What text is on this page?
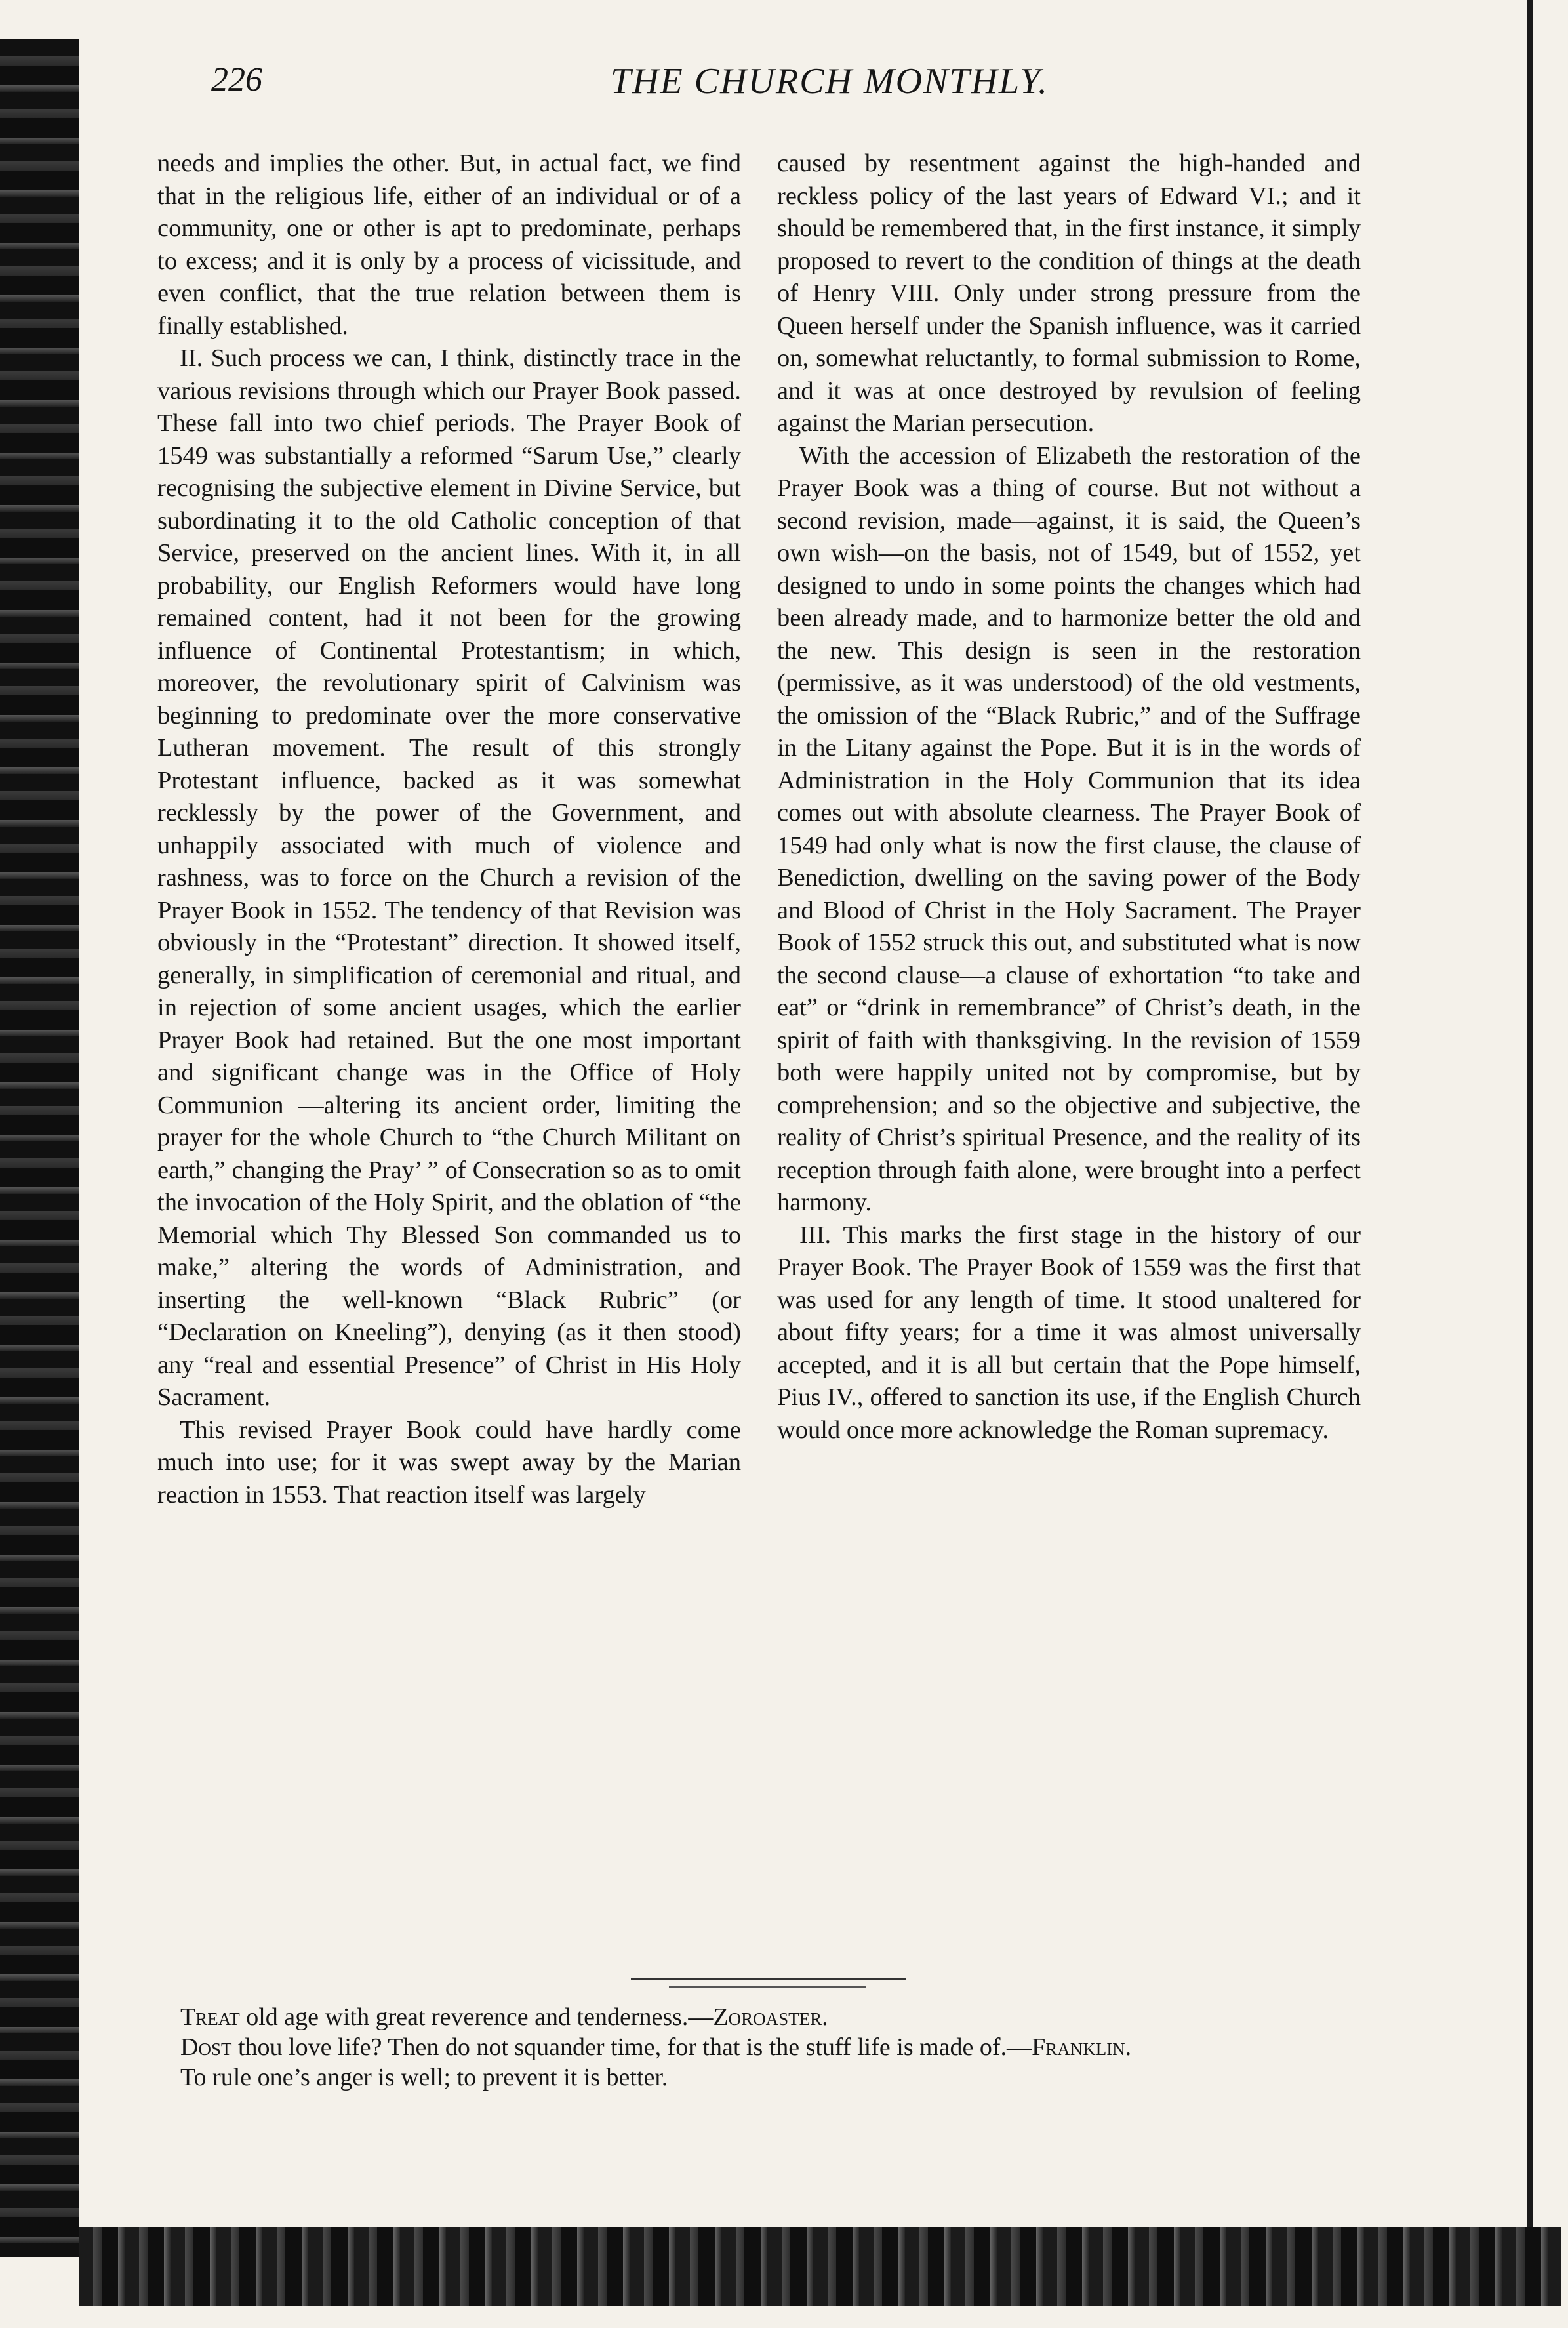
226	THE CHURCH MONTHLY.

needs and implies the other. But, in actual fact, we find that in the religious life, either of an individual or of a community, one or other is apt to predominate, perhaps to excess; and it is only by a process of vicissitude, and even conflict, that the true relation between them is finally established.

II. Such process we can, I think, distinctly trace in the various revisions through which our Prayer Book passed. These fall into two chief periods. The Prayer Book of 1549 was substantially a reformed “Sarum Use,” clearly recognising the subjective element in Divine Service, but subordinating it to the old Catholic conception of that Service, preserved on the ancient lines. With it, in all probability, our English Reformers would have long remained content, had it not been for the growing influence of Continental Protestantism; in which, moreover, the revolutionary spirit of Calvinism was beginning to predominate over the more conservative Lutheran movement. The result of this strongly Protestant influence, backed as it was somewhat recklessly by the power of the Government, and unhappily associated with much of violence and rashness, was to force on the Church a revision of the Prayer Book in 1552. The tendency of that Revision was obviously in the “Protestant” direction. It showed itself, generally, in simplification of ceremonial and ritual, and in rejection of some ancient usages, which the earlier Prayer Book had retained. But the one most important and significant change was in the Office of Holy Communion —altering its ancient order, limiting the prayer for the whole Church to “the Church Militant on earth,” changing the Pray’ ” of Consecration so as to omit the invocation of the Holy Spirit, and the oblation of “the Memorial which Thy Blessed Son commanded us to make,” altering the words of Administration, and inserting the well-known “Black Rubric” (or “Declaration on Kneeling”), denying (as it then stood) any “real and essential Presence” of Christ in His Holy Sacrament.

This revised Prayer Book could have hardly come much into use; for it was swept away by the Marian reaction in 1553. That reaction itself was largely

caused by resentment against the high-handed and reckless policy of the last years of Edward VI.; and it should be remembered that, in the first instance, it simply proposed to revert to the condition of things at the death of Henry VIII. Only under strong pressure from the Queen herself under the Spanish influence, was it carried on, somewhat reluctantly, to formal submission to Rome, and it was at once destroyed by revulsion of feeling against the Marian persecution.

With the accession of Elizabeth the restoration of the Prayer Book was a thing of course. But not without a second revision, made—against, it is said, the Queen’s own wish—on the basis, not of 1549, but of 1552, yet designed to undo in some points the changes which had been already made, and to harmonize better the old and the new. This design is seen in the restoration (permissive, as it was understood) of the old vestments, the omission of the “Black Rubric,” and of the Suffrage in the Litany against the Pope. But it is in the words of Administration in the Holy Communion that its idea comes out with absolute clearness. The Prayer Book of 1549 had only what is now the first clause, the clause of Benediction, dwelling on the saving power of the Body and Blood of Christ in the Holy Sacrament. The Prayer Book of 1552 struck this out, and substituted what is now the second clause—a clause of exhortation “to take and eat” or “drink in remembrance” of Christ’s death, in the spirit of faith with thanksgiving. In the revision of 1559 both were happily united not by compromise, but by comprehension; and so the objective and subjective, the reality of Christ’s spiritual Presence, and the reality of its reception through faith alone, were brought into a perfect harmony.

III. This marks the first stage in the history of our Prayer Book. The Prayer Book of 1559 was the first that was used for any length of time. It stood unaltered for about fifty years; for a time it was almost universally accepted, and it is all but certain that the Pope himself, Pius IV., offered to sanction its use, if the English Church would once more acknowledge the Roman supremacy.

Treat old age with great reverence and tenderness.—Zoroaster.

Dost thou love life? Then do not squander time, for that is the stuff life is made of.—Franklin.

To rule one’s anger is well; to prevent it is better.
